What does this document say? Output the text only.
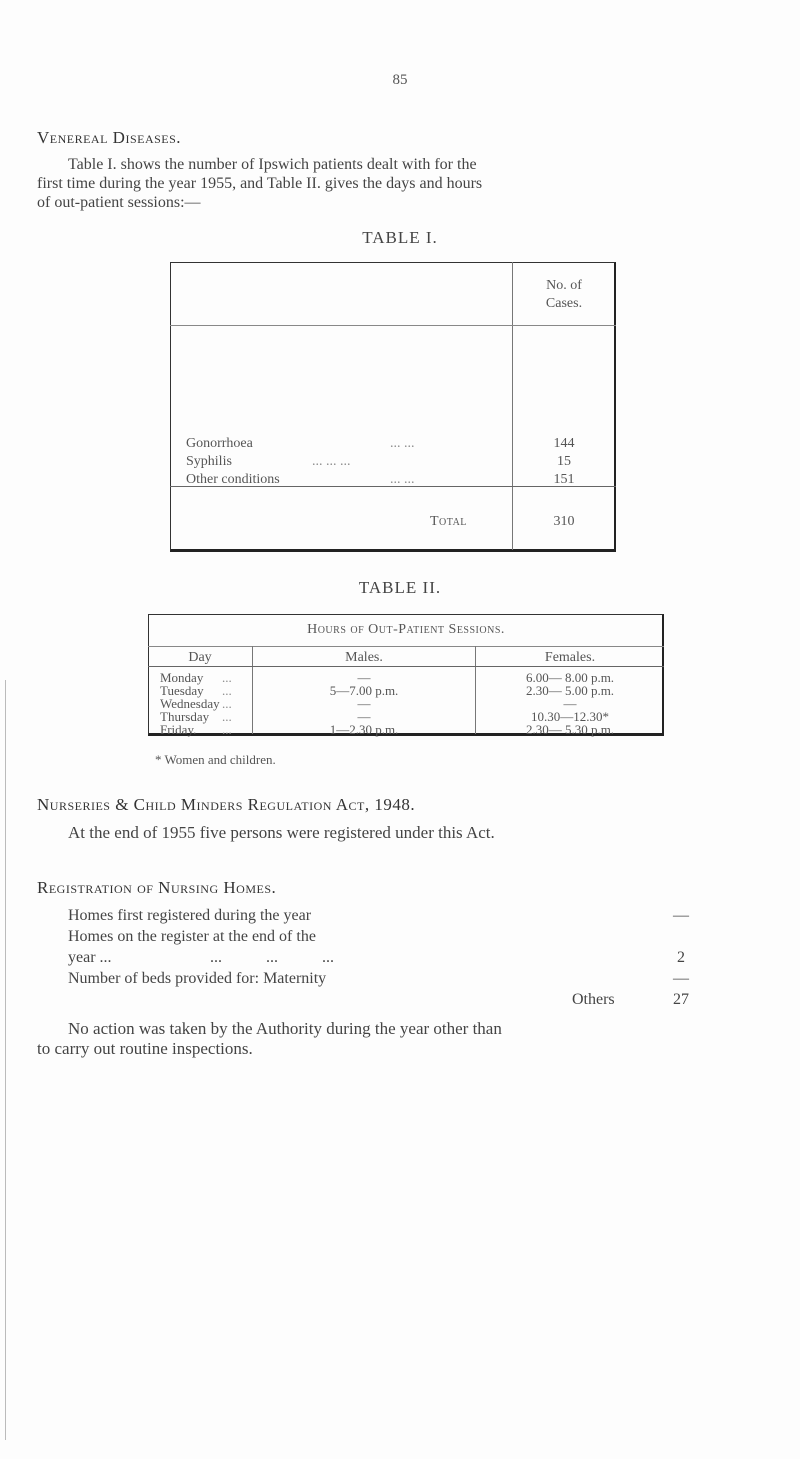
85
Venereal Diseases.
Table I. shows the number of Ipswich patients dealt with for the
first time during the year 1955, and Table II. gives the days and hours
of out-patient sessions:—
TABLE I.
No. of
Cases.
Gonorrhoea	... ...	144
Syphilis	... ... ...	15
Other conditions	... ...	151
Total	310
TABLE II.
Hours of Out-Patient Sessions.
Day	Males.	Females.
Monday ...	—	6.00— 8.00 p.m.
Tuesday ...	5—7.00 p.m.	2.30— 5.00 p.m.
Wednesday ...	—	—
Thursday ...	—	10.30—12.30*
Friday. ...	1—2.30 p.m.	2.30— 5.30 p.m.
* Women and children.
Nurseries & Child Minders Regulation Act, 1948.
At the end of 1955 five persons were registered under this Act.
Registration of Nursing Homes.
Homes first registered during the year	—
Homes on the register at the end of the
year ...	... ... ...	2
Number of beds provided for: Maternity	—
Others	27
No action was taken by the Authority during the year other than
to carry out routine inspections.
